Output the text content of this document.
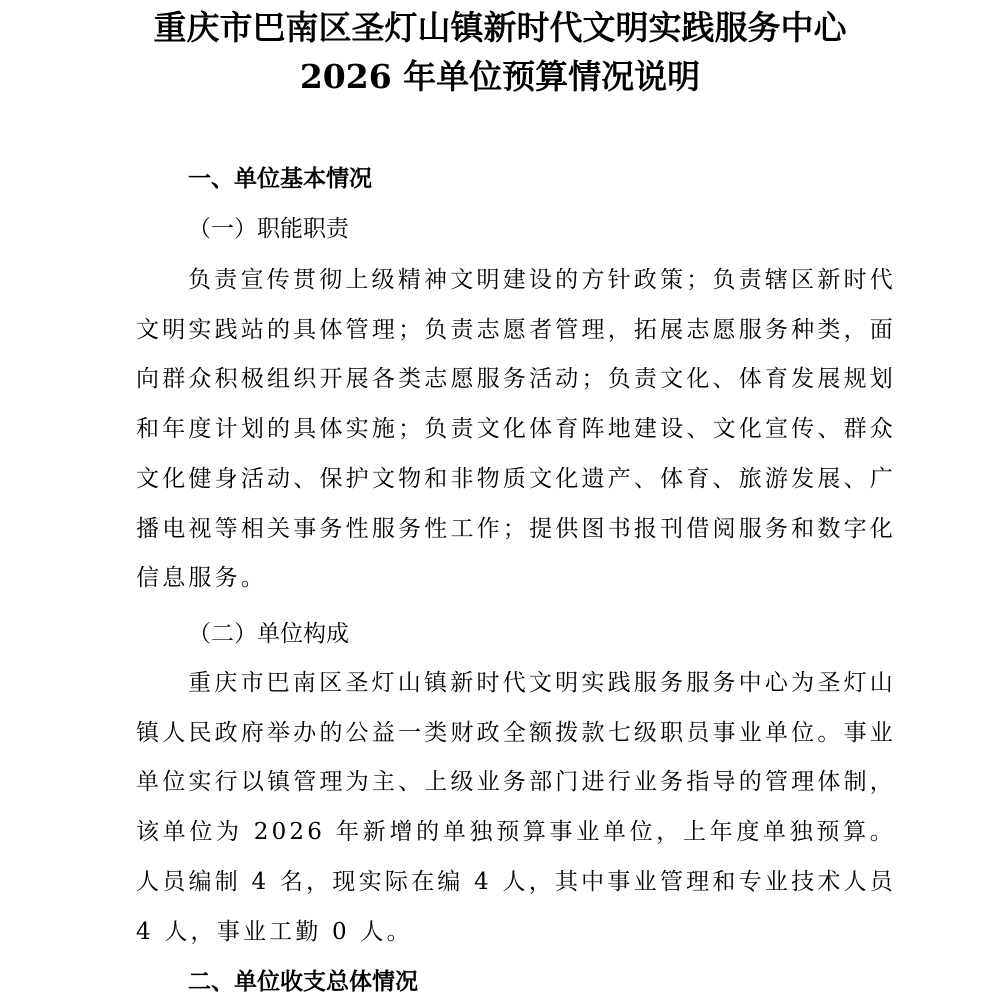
重庆市巴南区圣灯山镇新时代文明实践服务中心
2026 年单位预算情况说明
一、单位基本情况
（一）职能职责
负责宣传贯彻上级精神文明建设的方针政策；负责辖区新时代文明实践站的具体管理；负责志愿者管理，拓展志愿服务种类，面向群众积极组织开展各类志愿服务活动；负责文化、体育发展规划和年度计划的具体实施；负责文化体育阵地建设、文化宣传、群众文化健身活动、保护文物和非物质文化遗产、体育、旅游发展、广播电视等相关事务性服务性工作；提供图书报刊借阅服务和数字化信息服务。
（二）单位构成
重庆市巴南区圣灯山镇新时代文明实践服务服务中心为圣灯山镇人民政府举办的公益一类财政全额拨款七级职员事业单位。事业单位实行以镇管理为主、上级业务部门进行业务指导的管理体制，该单位为 2026 年新增的单独预算事业单位，上年度单独预算。人员编制 4 名，现实际在编 4 人，其中事业管理和专业技术人员 4 人，事业工勤 0 人。
二、单位收支总体情况
